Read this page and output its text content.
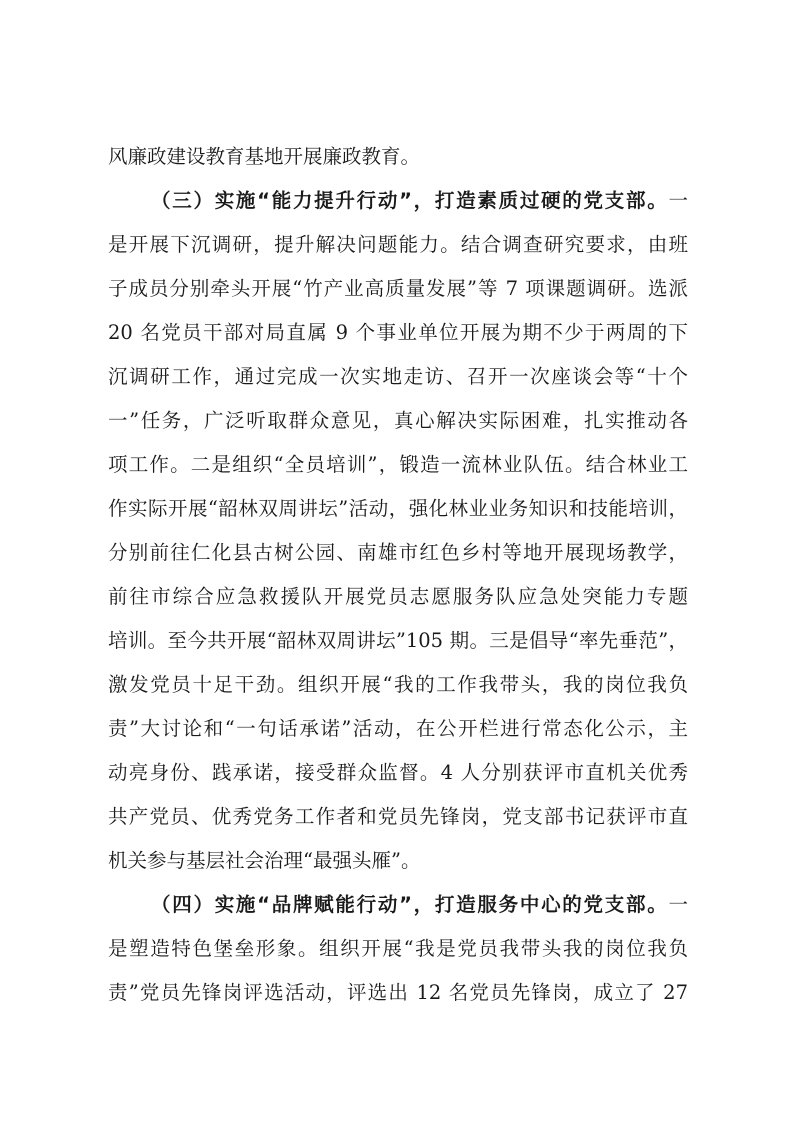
风廉政建设教育基地开展廉政教育。
（三）实施“能力提升行动”，打造素质过硬的党支部。一
是开展下沉调研，提升解决问题能力。结合调查研究要求，由班
子成员分别牵头开展“竹产业高质量发展”等 7 项课题调研。选派
20 名党员干部对局直属 9 个事业单位开展为期不少于两周的下
沉调研工作，通过完成一次实地走访、召开一次座谈会等“十个
一”任务，广泛听取群众意见，真心解决实际困难，扎实推动各
项工作。二是组织“全员培训”，锻造一流林业队伍。结合林业工
作实际开展“韶林双周讲坛”活动，强化林业业务知识和技能培训，
分别前往仁化县古树公园、南雄市红色乡村等地开展现场教学，
前往市综合应急救援队开展党员志愿服务队应急处突能力专题
培训。至今共开展“韶林双周讲坛”105 期。三是倡导“率先垂范”，
激发党员十足干劲。组织开展“我的工作我带头，我的岗位我负
责”大讨论和“一句话承诺”活动，在公开栏进行常态化公示，主
动亮身份、践承诺，接受群众监督。4 人分别获评市直机关优秀
共产党员、优秀党务工作者和党员先锋岗，党支部书记获评市直
机关参与基层社会治理“最强头雁”。
（四）实施“品牌赋能行动”，打造服务中心的党支部。一
是塑造特色堡垒形象。组织开展“我是党员我带头我的岗位我负
责”党员先锋岗评选活动，评选出 12 名党员先锋岗，成立了 27
